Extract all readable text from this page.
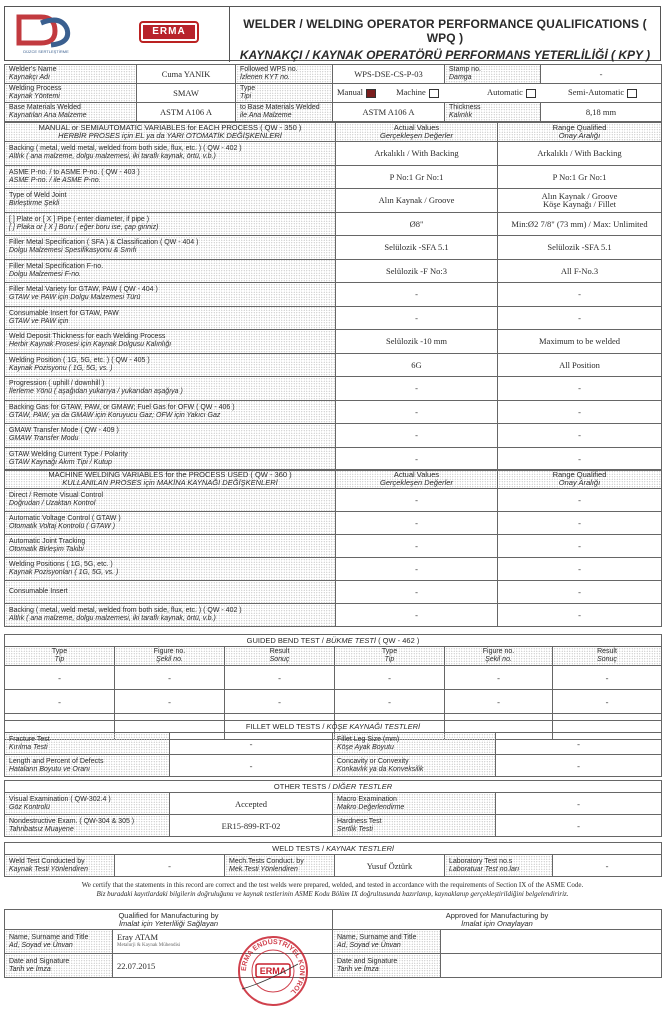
DÜZCE SERTLEŞTİRME
ERMA
WELDER / WELDING OPERATOR PERFORMANCE QUALIFICATIONS ( WPQ )
KAYNAKÇI / KAYNAK OPERATÖRÜ PERFORMANS YETERLİLİĞİ ( KPY )
Welder's Name
Kaynakçı Adı	Cuma YANIK	Followed WPS no.
İzlenen KYT no.	WPS-DSE-CS-P-03	Stamp no.
Damga	-
Welding Process
Kaynak Yöntemi	SMAW	Type
Tipi	Manual Machine Automatic Semi-Automatic		
Base Materials Welded
Kaynatılan Ana Malzeme	ASTM A106 A	to Base Materials Welded
ile Ana Malzeme	ASTM A106 A	Thickness
Kalınlık	8,18 mm
MANUAL or SEMIAUTOMATIC VARIABLES for EACH PROCESS ( QW - 350 )
HERBİR PROSES için EL ya da YARI OTOMATİK DEĞİŞKENLERİ	Actual Values
Gerçekleşen Değerler	Range Qualified
Onay Aralığı

Backing ( metal, weld metal, welded from both side, flux, etc. ) ( QW - 402 )
Altlık ( ana malzeme, dolgu malzemesi, iki taraflı kaynak, örtü, v.b.)	Arkalıklı / With Backing	Arkalıklı / With Backing
ASME P-no. / to ASME P-no. ( QW - 403 )
ASME P-no. / ile ASME P-no.	P No:1 Gr No:1	P No:1 Gr No:1
Type of Weld Joint
Birleştirme Şekli	Alın Kaynak / Groove	Alın Kaynak / Groove
Köşe Kaynağı / Fillet

[ ] Plate or [ X ] Pipe ( enter diameter, if pipe )
[ ] Plaka or [ X ] Boru ( eğer boru ise, çap giriniz)	Ø8"	Min:Ø2 7/8" (73 mm) / Max: Unlimited
Filler Metal Specification ( SFA ) & Classification ( QW - 404 )
Dolgu Malzemesi Spesifikasyonu & Sınıfı	Selülozik -SFA 5.1	Selülozik -SFA 5.1
Filler Metal Specification F-no.
Dolgu Malzemesi F-no.	Selülozik -F No:3	All F-No.3
Filler Metal Variety for GTAW, PAW ( QW - 404 )
GTAW ve PAW için Dolgu Malzemesi Türü	-	-
Consumable Insert for GTAW, PAW
GTAW ve PAW için	-	-
Weld Deposit Thickness for each Welding Process
Herbir Kaynak Prosesi için Kaynak Dolgusu Kalınlığı	Selülozik -10 mm	Maximum to be welded
Welding Position ( 1G, 5G, etc. ) ( QW - 405 )
Kaynak Pozisyonu ( 1G, 5G, vs. )	6G	All Position
Progression ( uphill / downhill )
İlerleme Yönü ( aşağıdan yukarıya / yukarıdan aşağıya )	-	-
Backing Gas for GTAW, PAW, or GMAW; Fuel Gas for OFW ( QW - 406 )
GTAW, PAW, ya da GMAW için Koruyucu Gaz; OFW için Yakıcı Gaz	-	-
GMAW Transfer Mode ( QW - 409 )
GMAW Transfer Modu	-	-
GTAW Welding Current Type / Polarity
GTAW Kaynağı Akım Tipi / Kutup	-	-
MACHINE WELDING VARIABLES for the PROCESS USED ( QW - 360 )
KULLANILAN PROSES için MAKİNA KAYNAĞI DEĞİŞKENLERİ	Actual Values
Gerçekleşen Değerler	Range Qualified
Onay Aralığı

Direct / Remote Visual Control
Doğrudan / Uzaktan Kontrol	-	-
Automatic Voltage Control ( GTAW )
Otomatik Voltaj Kontrolü ( GTAW )	-	-
Automatic Joint Tracking
Otomatik Birleşim Takibi	-	-
Welding Positions ( 1G, 5G, etc. )
Kaynak Pozisyonları ( 1G, 5G, vs. )	-	-
Consumable Insert	-	-
Backing ( metal, weld metal, welded from both side, flux, etc. ) ( QW - 402 )
Altlık ( ana malzeme, dolgu malzemesi, iki taraflı kaynak, örtü, v.b.)	-	-
GUIDED BEND TEST / BÜKME TESTİ ( QW - 462 )					
Type
Tip	Figure no.
Şekil no.	Result
Sonuç	Type
Tip	Figure no.
Şekil no.	Result
Sonuç

-	-	-	-	-	-
-	-	-	-	-	-

FILLET WELD TESTS / KÖŞE KAYNAĞI TESTLERİ			
Fracture Test
Kırılma Testi	-	Fillet Leg Size (mm)
Köşe Ayak Boyutu	-
Length and Percent of Defects
Hataların Boyutu ve Oranı	-	Concavity or Convexity
Konkavlık ya da Konveksilik	-
OTHER TESTS / DİĞER TESTLER			
Visual Examination ( QW-302.4 )
Göz Kontrolü	Accepted	Macro Examination
Makro Değerlendirme	-
Nondestructive Exam. ( QW-304 & 305 )
Tahribatsız Muayene	ER15-899-RT-02	Hardness Test
Sertlik Testi	-
WELD TESTS / KAYNAK TESTLERİ
Weld Test Conducted by
Kaynak Testi Yönlendiren	-	Mech.Tests Conduct. by
Mek.Testi Yönlendiren	Yusuf Öztürk	Laboratory Test no.s
Laboratuar Test no.ları	-
We certify that the statements in this record are correct and the test welds were prepared, welded, and tested in accordance with the requirements of Section IX of the ASME Code.
Biz buradaki kayıtlardaki bilgilerin doğruluğunu ve kaynak testlerinin ASME Kodu Bölüm IX doğrultusunda hazırlanıp, kaynaklanıp gerçekleştirildiğini belgelendiririz.
Qualified for Manufacturing by
İmalat için Yeterliliği Sağlayan		Approved for Manufacturing by
İmalat için Onaylayan	

Name, Surname and Title
Ad, Soyad ve Ünvan	Eray ATAM
Metalurji & Kaynak Mühendisi	Name, Surname and Title
Ad, Soyad ve Ünvan	

Date and Signature
Tarih ve İmza	22.07.2015	Date and Signature
Tarih ve İmza	

ERMA ENDÜSTRİYEL KONTROL
ERMA
